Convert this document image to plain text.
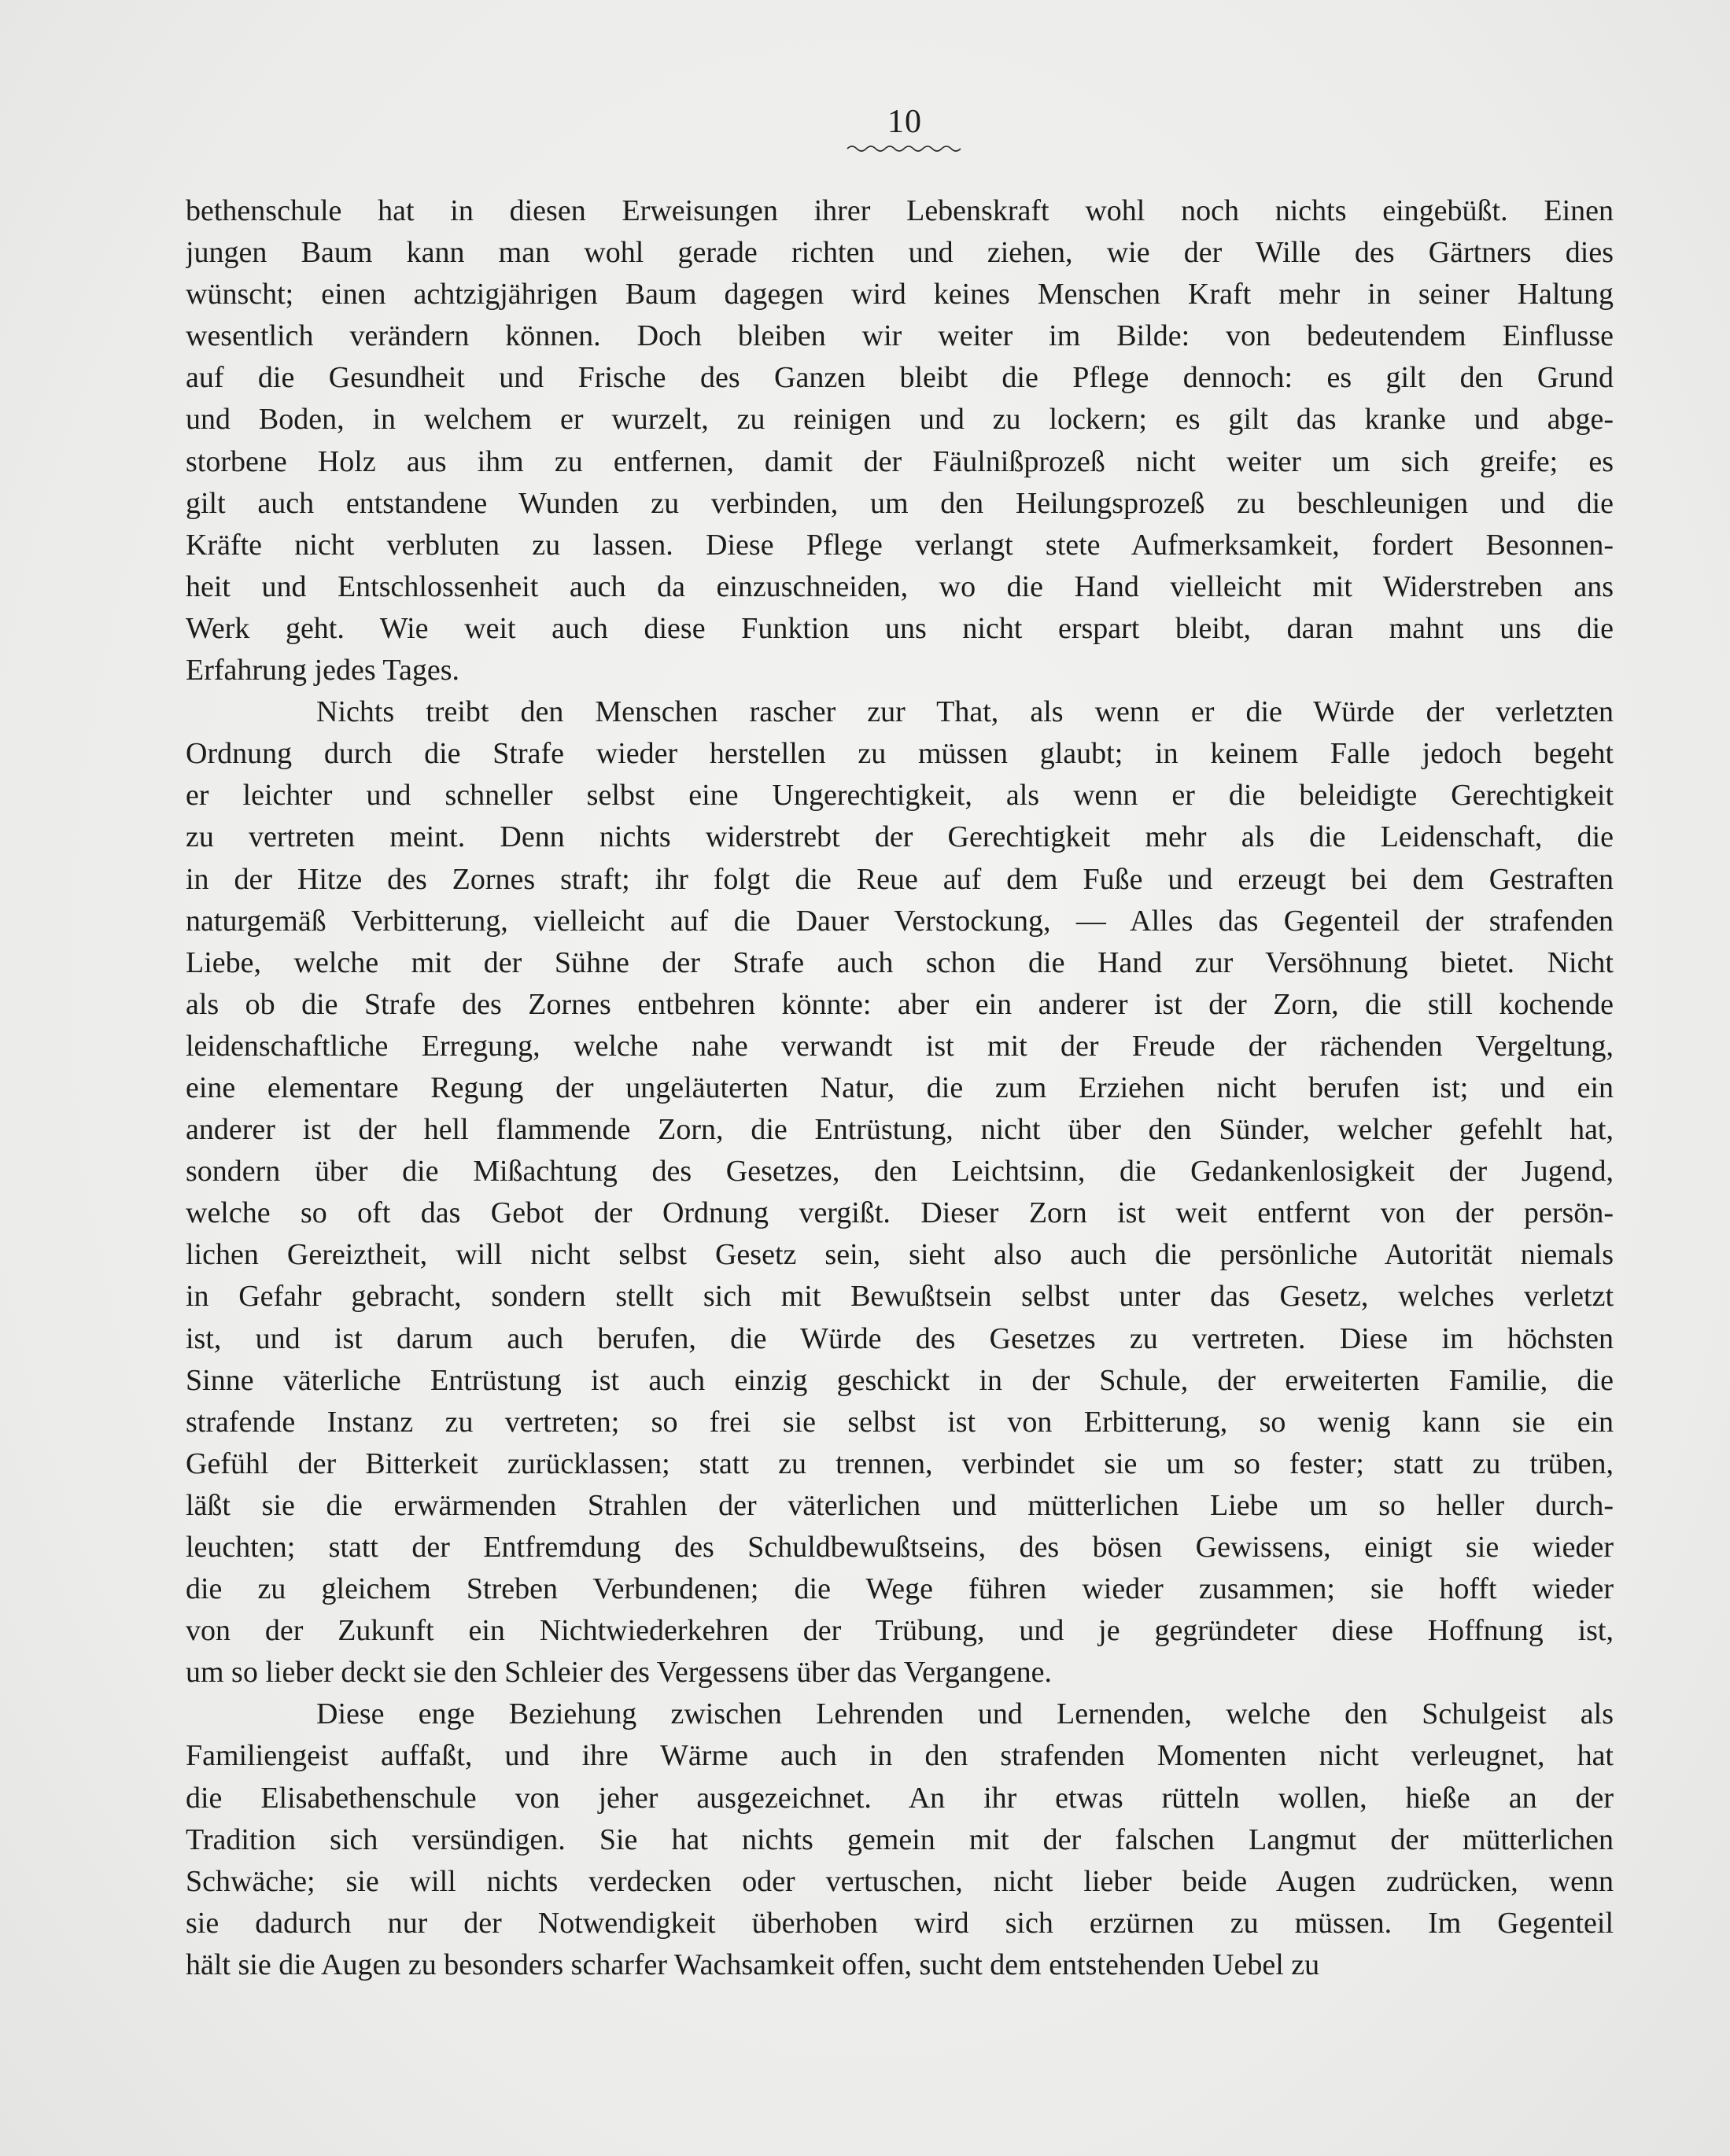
10
bethenschule hat in diesen Erweisungen ihrer Lebenskraft wohl noch nichts eingebüßt. Einen
jungen Baum kann man wohl gerade richten und ziehen, wie der Wille des Gärtners dies
wünscht; einen achtzigjährigen Baum dagegen wird keines Menschen Kraft mehr in seiner Haltung
wesentlich verändern können. Doch bleiben wir weiter im Bilde: von bedeutendem Einflusse
auf die Gesundheit und Frische des Ganzen bleibt die Pflege dennoch: es gilt den Grund
und Boden, in welchem er wurzelt, zu reinigen und zu lockern; es gilt das kranke und abge-
storbene Holz aus ihm zu entfernen, damit der Fäulnißprozeß nicht weiter um sich greife; es
gilt auch entstandene Wunden zu verbinden, um den Heilungsprozeß zu beschleunigen und die
Kräfte nicht verbluten zu lassen. Diese Pflege verlangt stete Aufmerksamkeit, fordert Besonnen-
heit und Entschlossenheit auch da einzuschneiden, wo die Hand vielleicht mit Widerstreben ans
Werk geht. Wie weit auch diese Funktion uns nicht erspart bleibt, daran mahnt uns die
Erfahrung jedes Tages.
Nichts treibt den Menschen rascher zur That, als wenn er die Würde der verletzten
Ordnung durch die Strafe wieder herstellen zu müssen glaubt; in keinem Falle jedoch begeht
er leichter und schneller selbst eine Ungerechtigkeit, als wenn er die beleidigte Gerechtigkeit
zu vertreten meint. Denn nichts widerstrebt der Gerechtigkeit mehr als die Leidenschaft, die
in der Hitze des Zornes straft; ihr folgt die Reue auf dem Fuße und erzeugt bei dem Gestraften
naturgemäß Verbitterung, vielleicht auf die Dauer Verstockung, — Alles das Gegenteil der strafenden
Liebe, welche mit der Sühne der Strafe auch schon die Hand zur Versöhnung bietet. Nicht
als ob die Strafe des Zornes entbehren könnte: aber ein anderer ist der Zorn, die still kochende
leidenschaftliche Erregung, welche nahe verwandt ist mit der Freude der rächenden Vergeltung,
eine elementare Regung der ungeläuterten Natur, die zum Erziehen nicht berufen ist; und ein
anderer ist der hell flammende Zorn, die Entrüstung, nicht über den Sünder, welcher gefehlt hat,
sondern über die Mißachtung des Gesetzes, den Leichtsinn, die Gedankenlosigkeit der Jugend,
welche so oft das Gebot der Ordnung vergißt. Dieser Zorn ist weit entfernt von der persön-
lichen Gereiztheit, will nicht selbst Gesetz sein, sieht also auch die persönliche Autorität niemals
in Gefahr gebracht, sondern stellt sich mit Bewußtsein selbst unter das Gesetz, welches verletzt
ist, und ist darum auch berufen, die Würde des Gesetzes zu vertreten. Diese im höchsten
Sinne väterliche Entrüstung ist auch einzig geschickt in der Schule, der erweiterten Familie, die
strafende Instanz zu vertreten; so frei sie selbst ist von Erbitterung, so wenig kann sie ein
Gefühl der Bitterkeit zurücklassen; statt zu trennen, verbindet sie um so fester; statt zu trüben,
läßt sie die erwärmenden Strahlen der väterlichen und mütterlichen Liebe um so heller durch-
leuchten; statt der Entfremdung des Schuldbewußtseins, des bösen Gewissens, einigt sie wieder
die zu gleichem Streben Verbundenen; die Wege führen wieder zusammen; sie hofft wieder
von der Zukunft ein Nichtwiederkehren der Trübung, und je gegründeter diese Hoffnung ist,
um so lieber deckt sie den Schleier des Vergessens über das Vergangene.
Diese enge Beziehung zwischen Lehrenden und Lernenden, welche den Schulgeist als
Familiengeist auffaßt, und ihre Wärme auch in den strafenden Momenten nicht verleugnet, hat
die Elisabethenschule von jeher ausgezeichnet. An ihr etwas rütteln wollen, hieße an der
Tradition sich versündigen. Sie hat nichts gemein mit der falschen Langmut der mütterlichen
Schwäche; sie will nichts verdecken oder vertuschen, nicht lieber beide Augen zudrücken, wenn
sie dadurch nur der Notwendigkeit überhoben wird sich erzürnen zu müssen. Im Gegenteil
hält sie die Augen zu besonders scharfer Wachsamkeit offen, sucht dem entstehenden Uebel zu
